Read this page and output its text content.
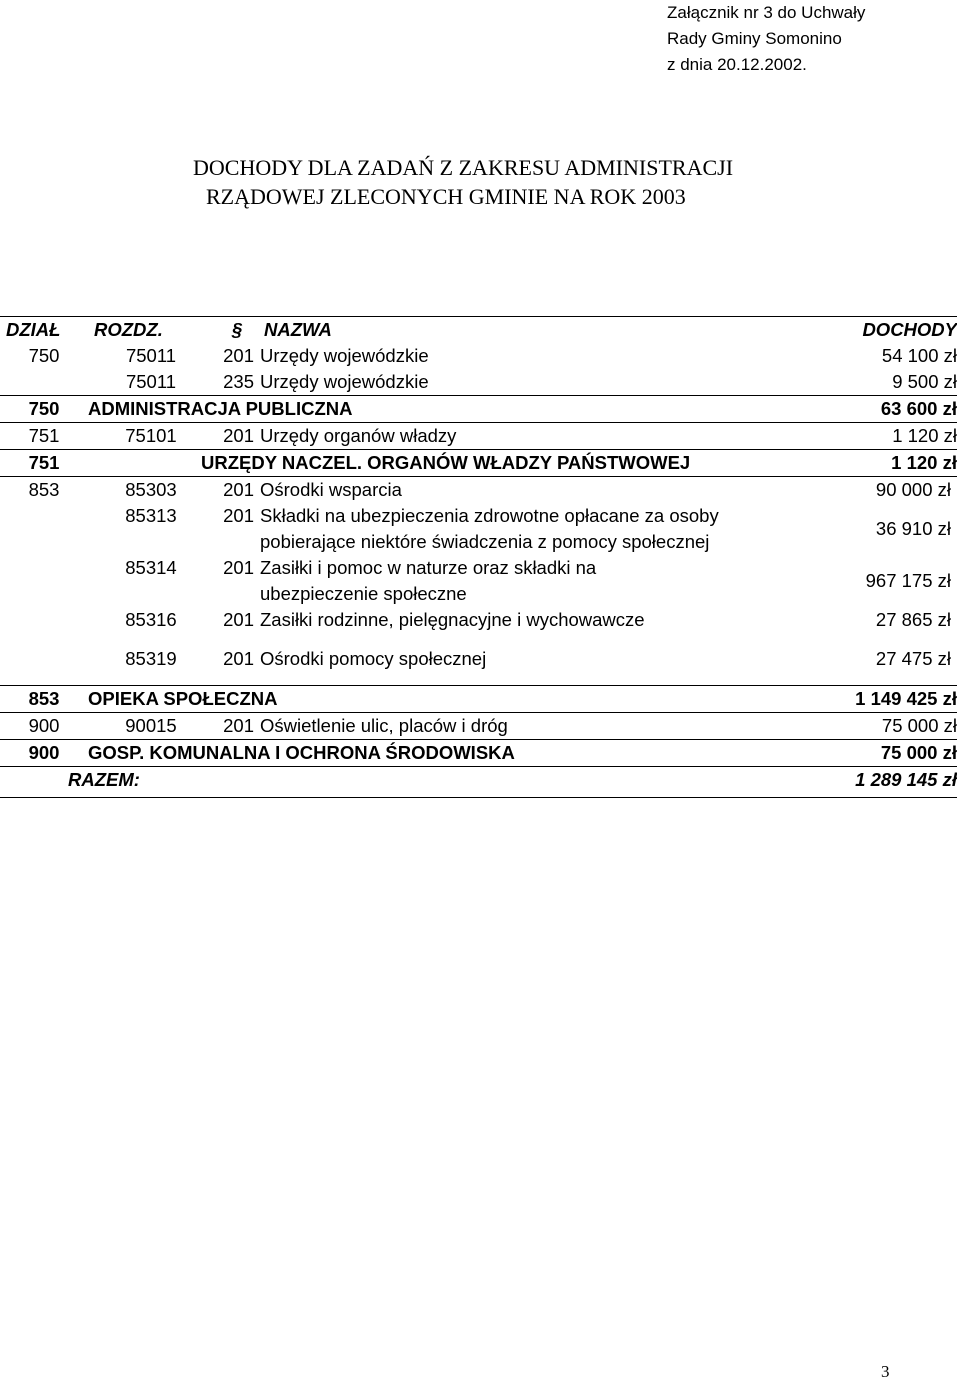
Załącznik nr 3 do Uchwały
Rady Gminy Somonino
z dnia 20.12.2002.
DOCHODY DLA ZADAŃ Z ZAKRESU ADMINISTRACJI
RZĄDOWEJ ZLECONYCH GMINIE NA ROK 2003
DZIAŁ	ROZDZ.	§	NAZWA	DOCHODY
750	75011	201	Urzędy wojewódzkie	54 100 zł
	75011	235	Urzędy wojewódzkie	9 500 zł
750	ADMINISTRACJA PUBLICZNA			63 600 zł
751	75101	201	Urzędy organów władzy	1 120 zł
751	URZĘDY NACZEL. ORGANÓW WŁADZY PAŃSTWOWEJ			1 120 zł
853	85303	201	Ośrodki wsparcia	90 000 zł
	85313	201	Składki na ubezpieczenia zdrowotne opłacane za osoby pobierające niektóre świadczenia z pomocy społecznej	36 910 zł
	85314	201	Zasiłki i pomoc w naturze oraz składki na ubezpieczenie społeczne	967 175 zł
	85316	201	Zasiłki rodzinne, pielęgnacyjne i wychowawcze	27 865 zł

	85319	201	Ośrodki pomocy społecznej	27 475 zł

853	OPIEKA SPOŁECZNA			1 149 425 zł
900	90015	201	Oświetlenie ulic, placów i dróg	75 000 zł
900	GOSP. KOMUNALNA I OCHRONA ŚRODOWISKA			75 000 zł
RAZEM:				1 289 145 zł
3
